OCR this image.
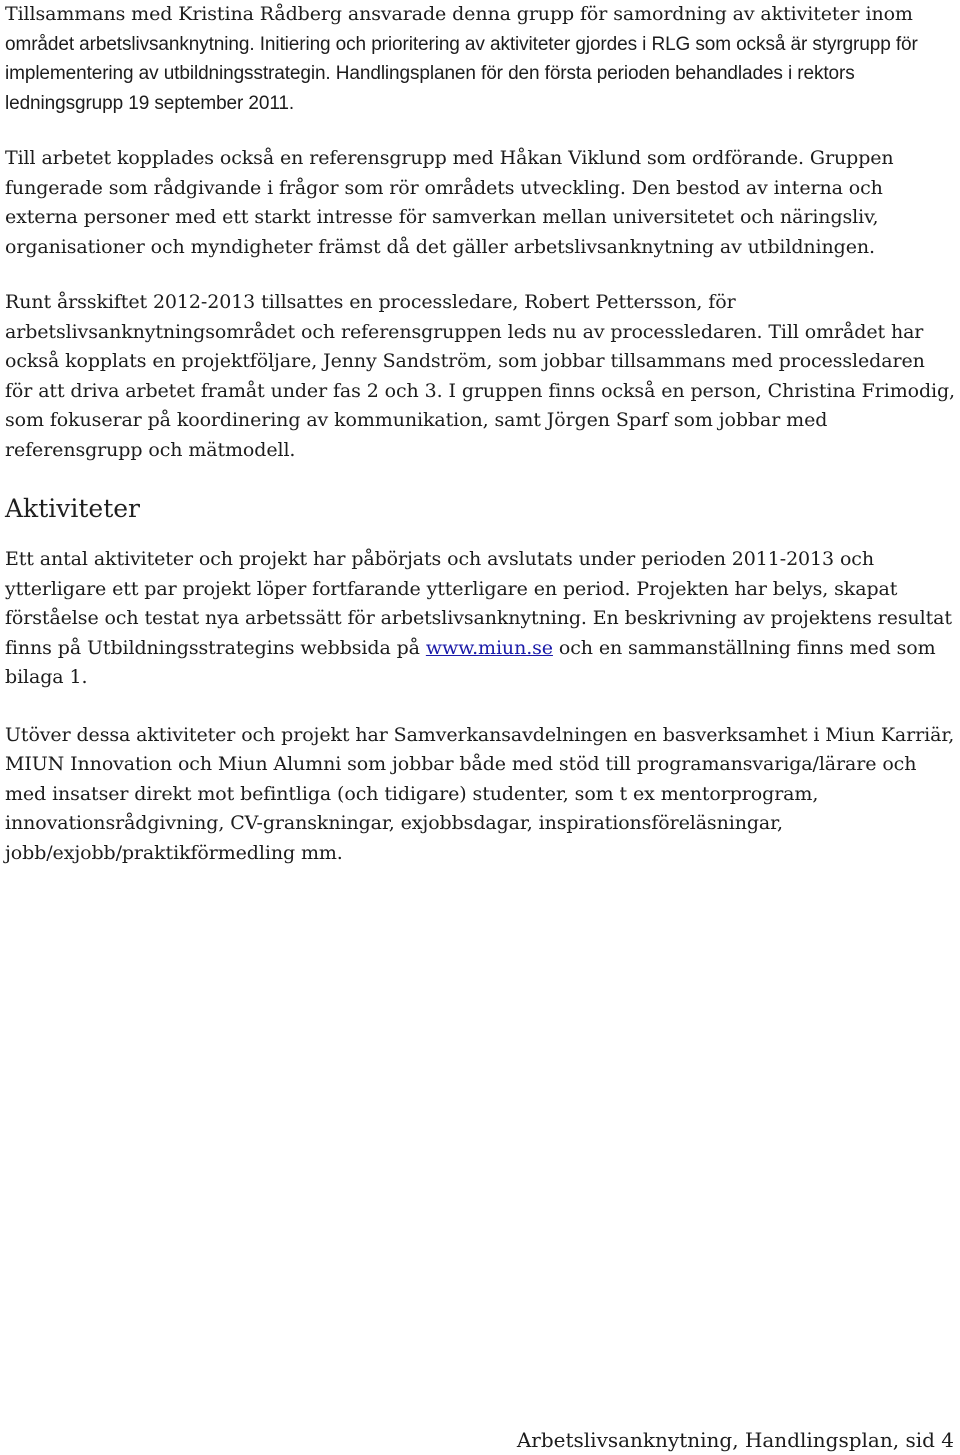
Tillsammans med Kristina Rådberg ansvarade denna grupp för samordning av aktiviteter inom området arbetslivsanknytning. Initiering och prioritering av aktiviteter gjordes i RLG som också är styrgrupp för implementering av utbildningsstrategin. Handlingsplanen för den första perioden behandlades i rektors ledningsgrupp 19 september 2011.

Till arbetet kopplades också en referensgrupp med Håkan Viklund som ordförande. Gruppen fungerade som rådgivande i frågor som rör områdets utveckling. Den bestod av interna och externa personer med ett starkt intresse för samverkan mellan universitetet och näringsliv, organisationer och myndigheter främst då det gäller arbetslivsanknytning av utbildningen.

Runt årsskiftet 2012-2013 tillsattes en processledare, Robert Pettersson, för arbetslivsanknytningsområdet och referensgruppen leds nu av processledaren. Till området har också kopplats en projektföljare, Jenny Sandström, som jobbar tillsammans med processledaren för att driva arbetet framåt under fas 2 och 3. I gruppen finns också en person, Christina Frimodig, som fokuserar på koordinering av kommunikation, samt Jörgen Sparf som jobbar med referensgrupp och mätmodell.

Aktiviteter

Ett antal aktiviteter och projekt har påbörjats och avslutats under perioden 2011-2013 och ytterligare ett par projekt löper fortfarande ytterligare en period. Projekten har belys, skapat förståelse och testat nya arbetssätt för arbetslivsanknytning. En beskrivning av projektens resultat finns på Utbildningsstrategins webbsida på www.miun.se och en sammanställning finns med som bilaga 1.

Utöver dessa aktiviteter och projekt har Samverkansavdelningen en basverksamhet i Miun Karriär, MIUN Innovation och Miun Alumni som jobbar både med stöd till programansvariga/lärare och med insatser direkt mot befintliga (och tidigare) studenter, som t ex mentorprogram, innovationsrådgivning, CV-granskningar, exjobbsdagar, inspirationsföreläsningar, jobb/exjobb/praktikförmedling mm.

Arbetslivsanknytning, Handlingsplan, sid 4
